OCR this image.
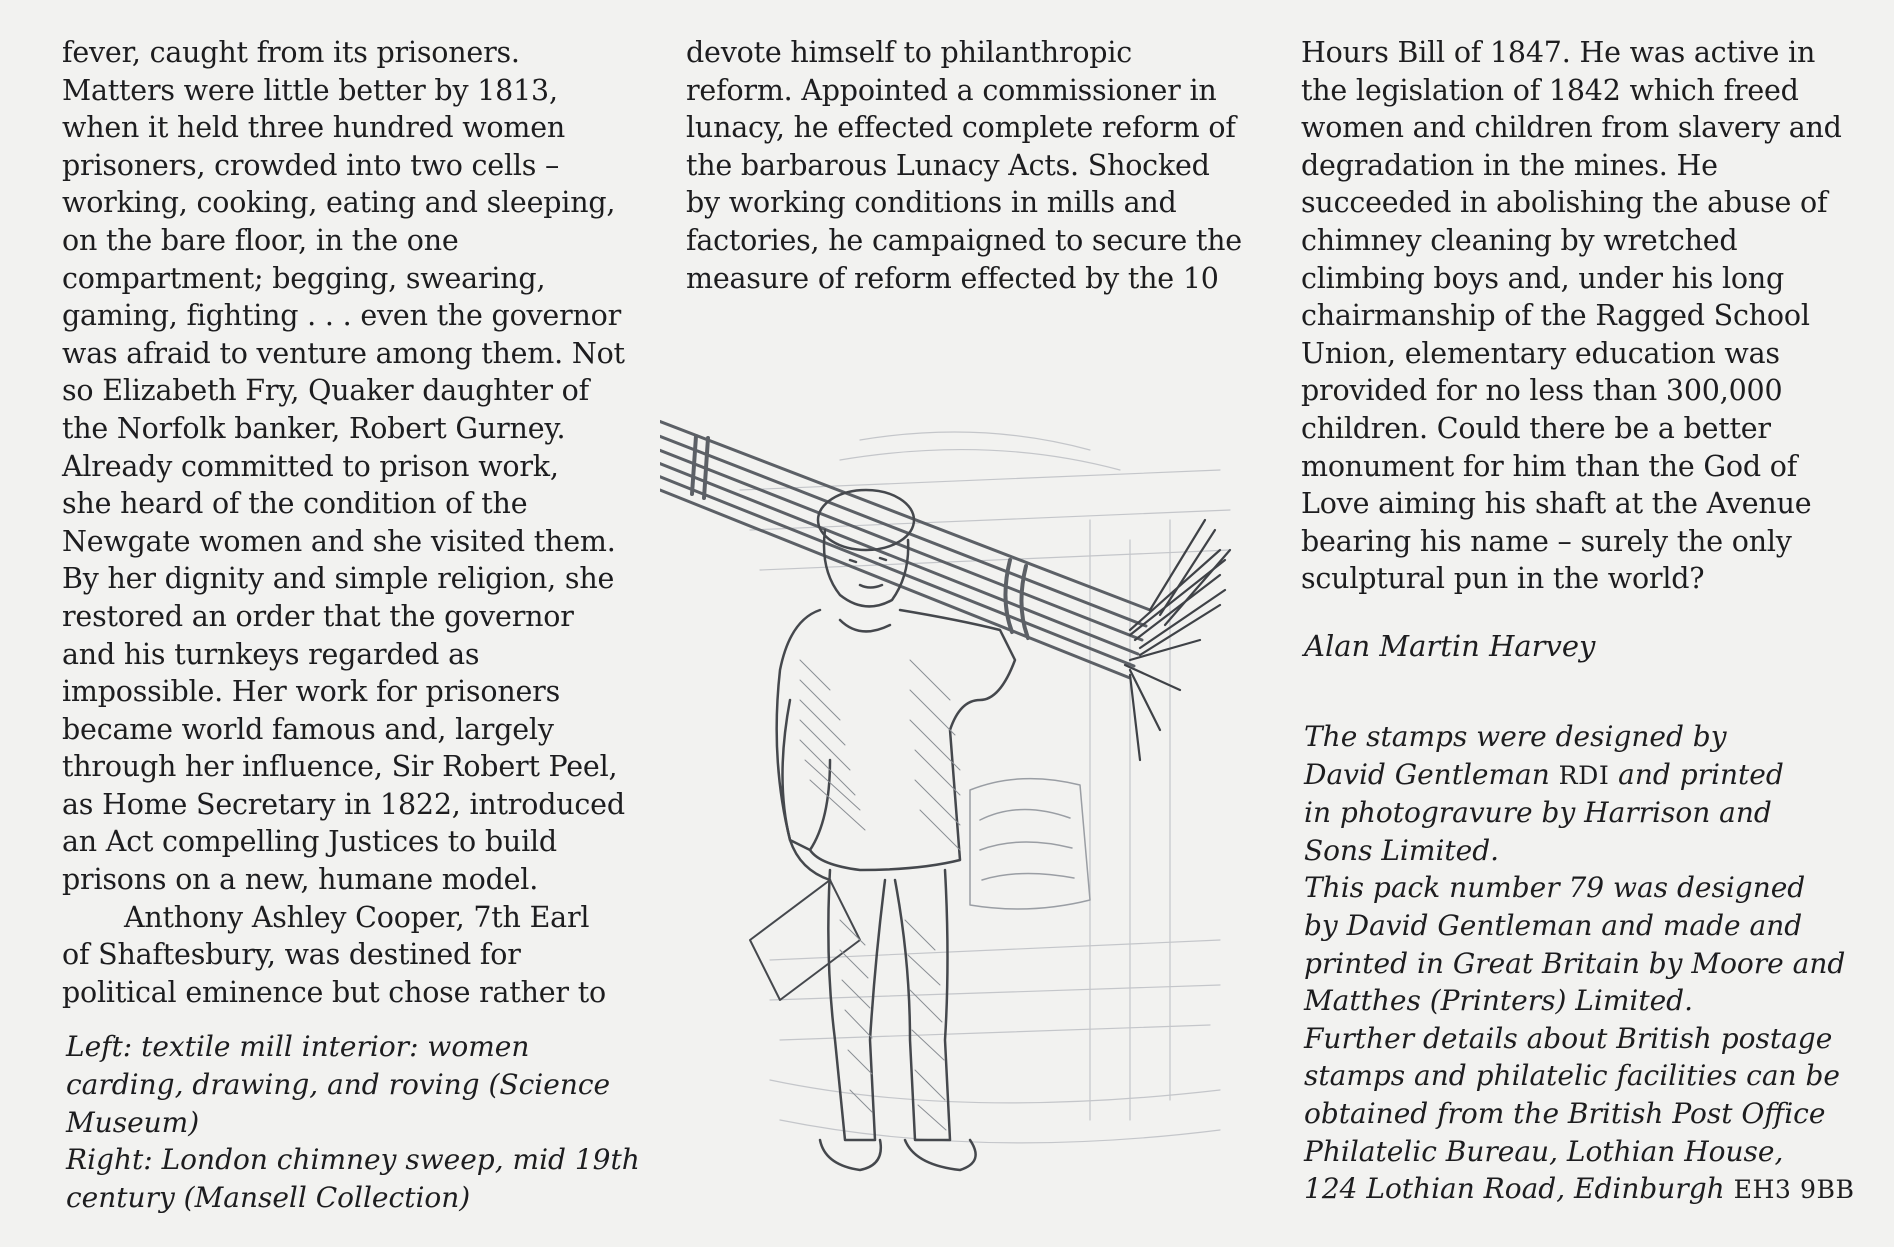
fever, caught from its prisoners.
Matters were little better by 1813,
when it held three hundred women
prisoners, crowded into two cells –
working, cooking, eating and sleeping,
on the bare floor, in the one
compartment; begging, swearing,
gaming, fighting . . . even the governor
was afraid to venture among them. Not
so Elizabeth Fry, Quaker daughter of
the Norfolk banker, Robert Gurney.
Already committed to prison work,
she heard of the condition of the
Newgate women and she visited them.
By her dignity and simple religion, she
restored an order that the governor
and his turnkeys regarded as
impossible. Her work for prisoners
became world famous and, largely
through her influence, Sir Robert Peel,
as Home Secretary in 1822, introduced
an Act compelling Justices to build
prisons on a new, humane model.
Anthony Ashley Cooper, 7th Earl
of Shaftesbury, was destined for
political eminence but chose rather to
devote himself to philanthropic
reform. Appointed a commissioner in
lunacy, he effected complete reform of
the barbarous Lunacy Acts. Shocked
by working conditions in mills and
factories, he campaigned to secure the
measure of reform effected by the 10
Hours Bill of 1847. He was active in
the legislation of 1842 which freed
women and children from slavery and
degradation in the mines. He
succeeded in abolishing the abuse of
chimney cleaning by wretched
climbing boys and, under his long
chairmanship of the Ragged School
Union, elementary education was
provided for no less than 300,000
children. Could there be a better
monument for him than the God of
Love aiming his shaft at the Avenue
bearing his name – surely the only
sculptural pun in the world?
Alan Martin Harvey
The stamps were designed by
David Gentleman RDI and printed
in photogravure by Harrison and
Sons Limited.
This pack number 79 was designed
by David Gentleman and made and
printed in Great Britain by Moore and
Matthes (Printers) Limited.
Further details about British postage
stamps and philatelic facilities can be
obtained from the British Post Office
Philatelic Bureau, Lothian House,
124 Lothian Road, Edinburgh EH3 9BB
Left: textile mill interior: women
carding, drawing, and roving (Science
Museum)
Right: London chimney sweep, mid 19th
century (Mansell Collection)
